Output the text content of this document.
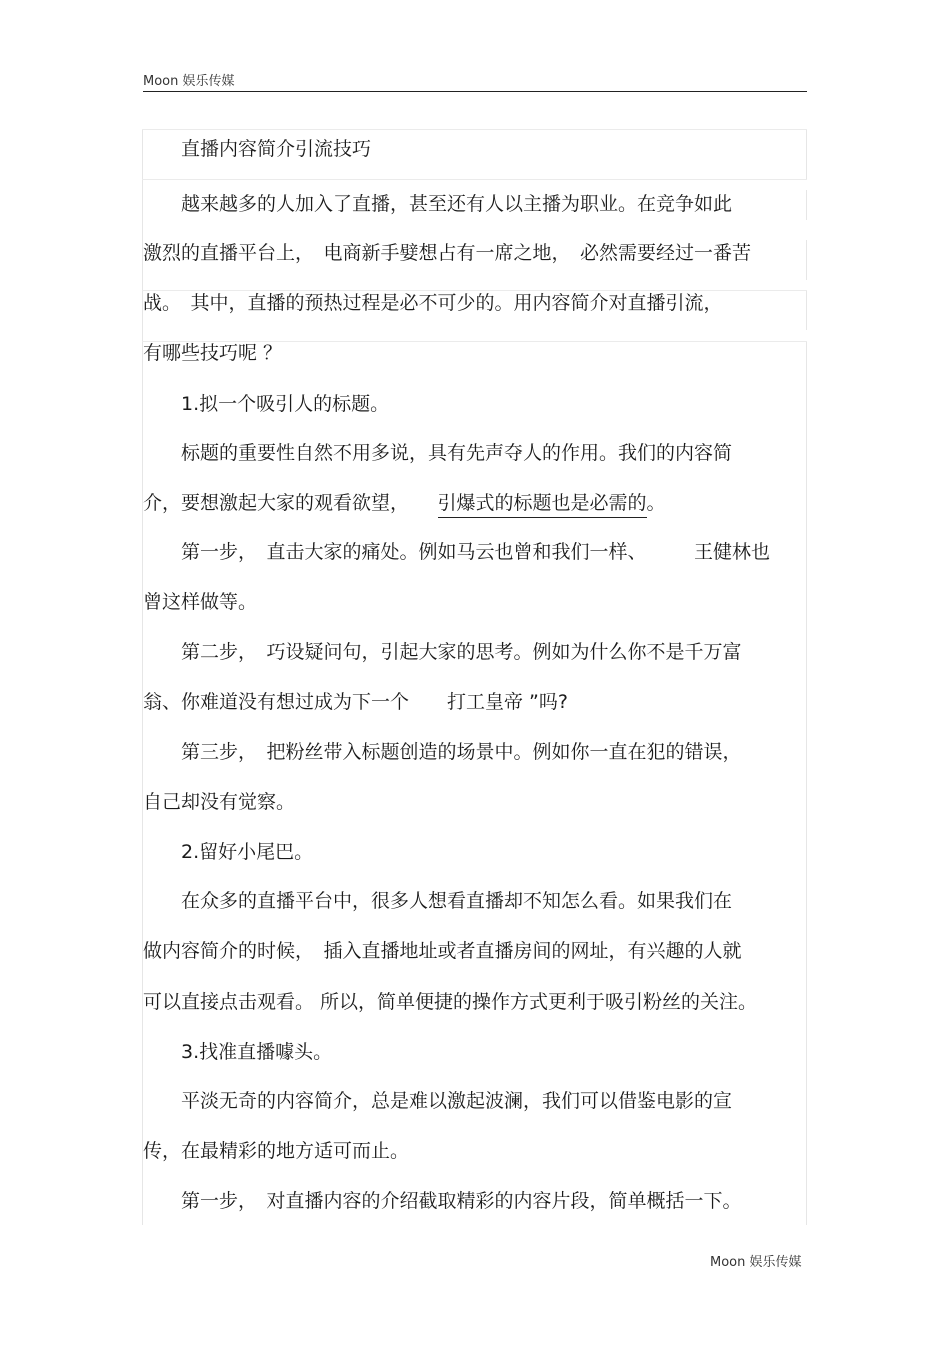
Moon 娱乐传媒
直播内容简介引流技巧
越来越多的人加入了直播，甚至还有人以主播为职业。在竞争如此
激烈的直播平台上，　电商新手嬖想占有一席之地，　必然需要经过一番苦
战。　其中，直播的预热过程是必不可少的。用内容简介对直播引流，
有哪些技巧呢 ？
1.拟一个吸引人的标题。
标题的重要性自然不用多说，具有先声夺人的作用。我们的内容简
介，要想激起大家的观看欲望，　　引爆式的标题也是必需的。
第一步，　直击大家的痛处。例如马云也曾和我们一样、　　　王健林也
曾这样做等。
第二步，　巧设疑问句，引起大家的思考。例如为什么你不是千万富
翁、你难道没有想过成为下一个　　打工皇帝 ”吗?
第三步，　把粉丝带入标题创造的场景中。例如你一直在犯的错误，
自己却没有觉察。
2.留好小尾巴。
在众多的直播平台中，很多人想看直播却不知怎么看。如果我们在
做内容简介的时候，　插入直播地址或者直播房间的网址，有兴趣的人就
可以直接点击观看。 所以，简单便捷的操作方式更利于吸引粉丝的关注。
3.找准直播噱头。
平淡无奇的内容简介，总是难以激起波澜，我们可以借鉴电影的宣
传，在最精彩的地方适可而止。
第一步，　对直播内容的介绍截取精彩的内容片段，简单概括一下。
Moon 娱乐传媒
